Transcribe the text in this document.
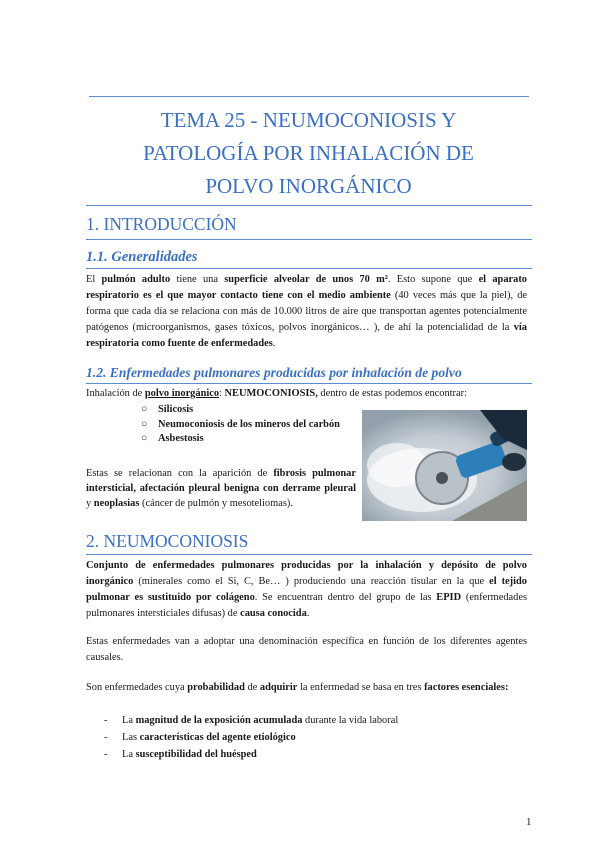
TEMA 25 - NEUMOCONIOSIS Y
PATOLOGÍA POR INHALACIÓN DE
POLVO INORGÁNICO
1. INTRODUCCIÓN
1.1. Generalidades
El pulmón adulto tiene una superficie alveolar de unos 70 m². Esto supone que el aparato respiratorio es el que mayor contacto tiene con el medio ambiente (40 veces más que la piel), de forma que cada día se relaciona con más de 10.000 litros de aire que transportan agentes potencialmente patógenos (microorganismos, gases tóxicos, polvos inorgánicos… ), de ahí la potencialidad de la vía respiratoria como fuente de enfermedades.
1.2. Enfermedades pulmonares producidas por inhalación de polvo
Inhalación de polvo inorgánico: NEUMOCONIOSIS, dentro de estas podemos encontrar:
○	Silicosis
○	Neumoconiosis de los mineros del carbón
○	Asbestosis
Estas se relacionan con la aparición de fibrosis pulmonar intersticial, afectación pleural benigna con derrame pleural y neoplasias (cáncer de pulmón y mesoteliomas).
2. NEUMOCONIOSIS
Conjunto de enfermedades pulmonares producidas por la inhalación y depósito de polvo inorgánico (minerales como el Si, C, Be… ) produciendo una reacción tisular en la que el tejido pulmonar es sustituido por colágeno. Se encuentran dentro del grupo de las EPID (enfermedades pulmonares intersticiales difusas) de causa conocida.
Estas enfermedades van a adoptar una denominación específica en función de los diferentes agentes causales.
Son enfermedades cuya probabilidad de adquirir la enfermedad se basa en tres factores esenciales:
-	La magnitud de la exposición acumulada durante la vida laboral
-	Las características del agente etiológico
-	La susceptibilidad del huésped
1
